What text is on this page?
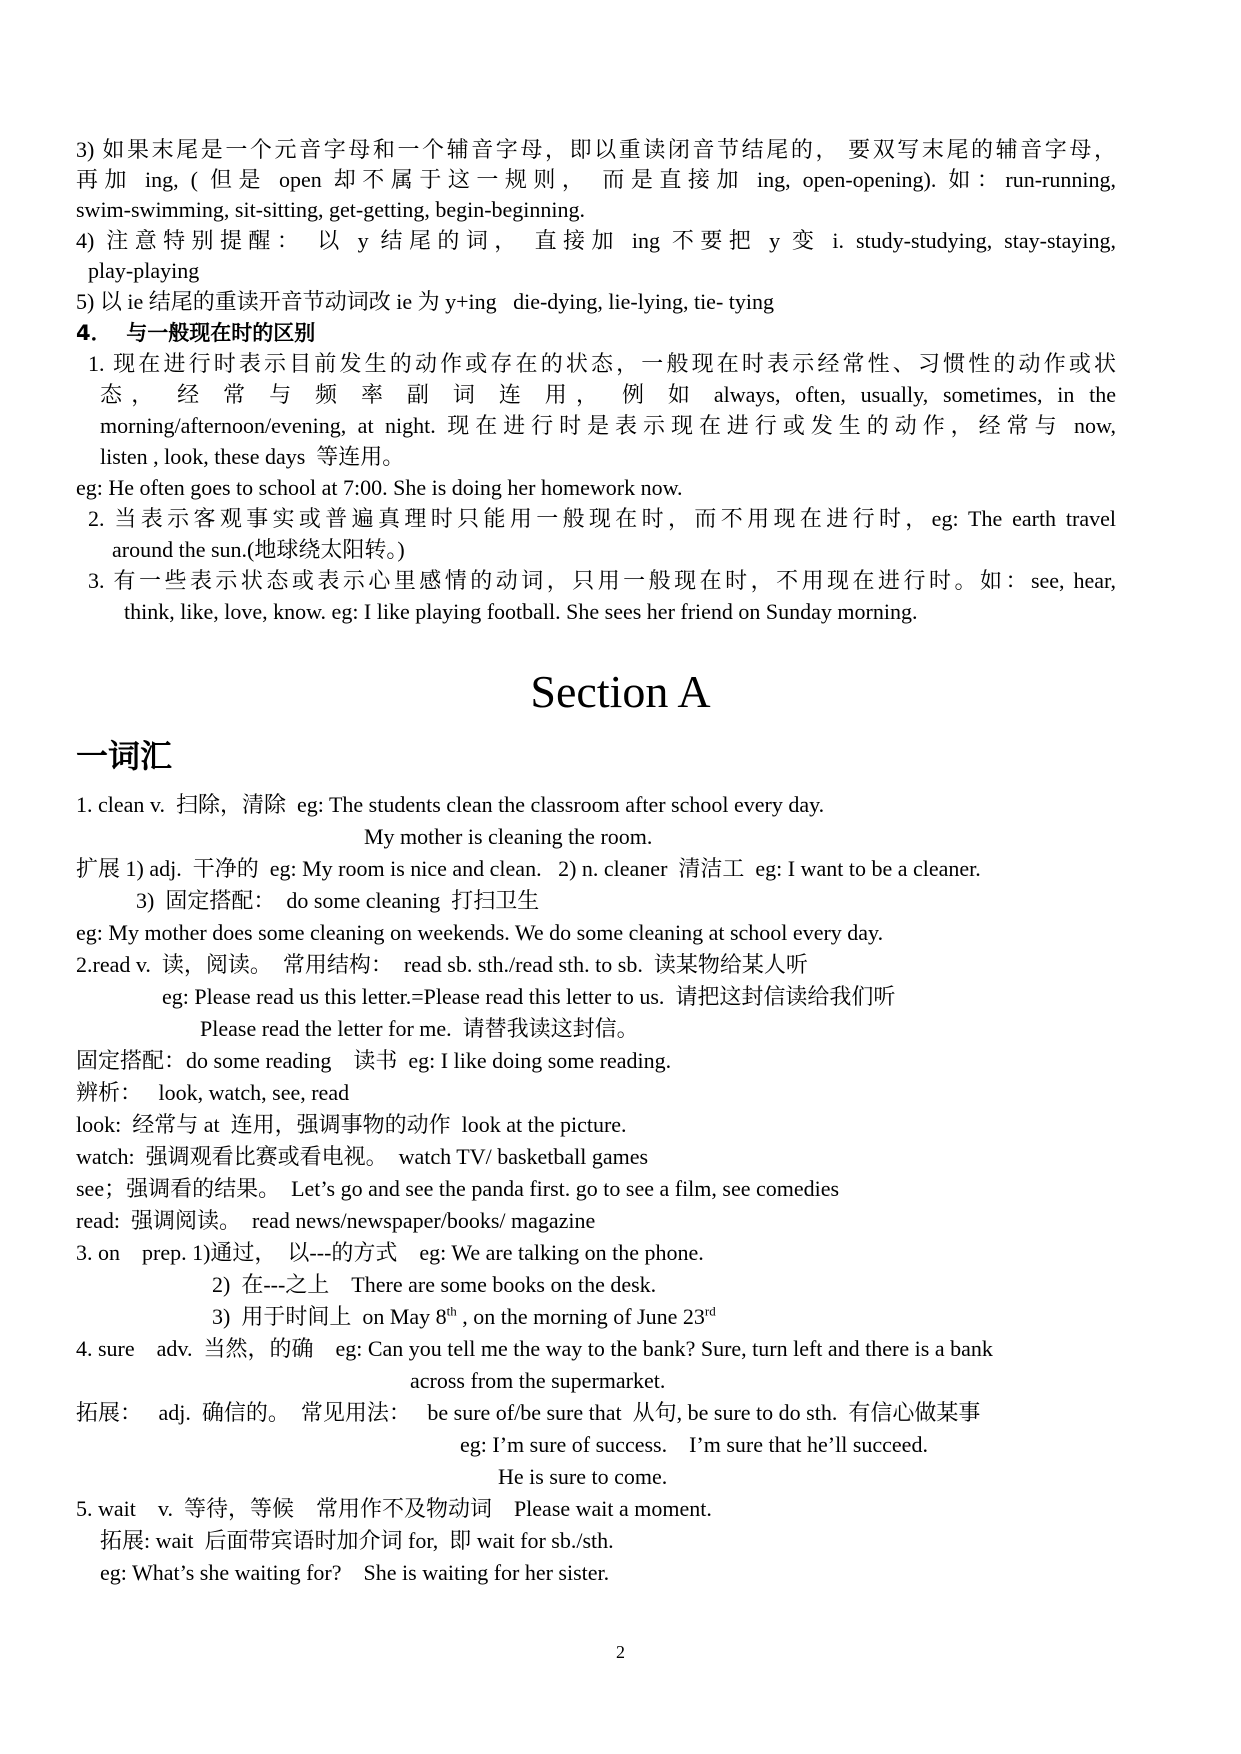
3) 如果末尾是一个元音字母和一个辅音字母，即以重读闭音节结尾的， 要双写末尾的辅音字母，
再加 ing, ( 但是 open 却不属于这一规则， 而是直接加 ing, open-opening). 如：run-running,
swim-swimming, sit-sitting, get-getting, begin-beginning.
4) 注意特别提醒： 以 y 结尾的词， 直接加 ing 不要把 y 变 i. study-studying, stay-staying,
play-playing
5) 以 ie 结尾的重读开音节动词改 ie 为 y+ing   die-dying, lie-lying, tie- tying
4．  与一般现在时的区别
1. 现在进行时表示目前发生的动作或存在的状态，一般现在时表示经常性、习惯性的动作或状
态， 经 常 与 频 率 副 词 连 用， 例 如 always, often, usually, sometimes, in the
morning/afternoon/evening, at night. 现在进行时是表示现在进行或发生的动作，经常与 now,
listen , look, these days  等连用。
eg: He often goes to school at 7:00. She is doing her homework now.
2. 当表示客观事实或普遍真理时只能用一般现在时，而不用现在进行时，eg: The earth travel
around the sun.(地球绕太阳转。)
3. 有一些表示状态或表示心里感情的动词，只用一般现在时，不用现在进行时。如：see, hear,
think, like, love, know. eg: I like playing football. She sees her friend on Sunday morning.
Section A
一词汇
1. clean v.  扫除，清除  eg: The students clean the classroom after school every day.
My mother is cleaning the room.
扩展 1) adj.  干净的  eg: My room is nice and clean.   2) n. cleaner  清洁工  eg: I want to be a cleaner.
3)  固定搭配：  do some cleaning  打扫卫生
eg: My mother does some cleaning on weekends. We do some cleaning at school every day.
2.read v.  读，阅读。  常用结构：  read sb. sth./read sth. to sb.  读某物给某人听
eg: Please read us this letter.=Please read this letter to us.  请把这封信读给我们听
Please read the letter for me.  请替我读这封信。
固定搭配：do some reading    读书  eg: I like doing some reading.
辨析：   look, watch, see, read
look:  经常与 at  连用，强调事物的动作  look at the picture.
watch:  强调观看比赛或看电视。  watch TV/ basketball games
see；强调看的结果。  Let’s go and see the panda first. go to see a film, see comedies
read:  强调阅读。  read news/newspaper/books/ magazine
3. on    prep. 1)通过，  以---的方式    eg: We are talking on the phone.
2)  在---之上    There are some books on the desk.
3)  用于时间上  on May 8th , on the morning of June 23rd
4. sure    adv.  当然，的确    eg: Can you tell me the way to the bank? Sure, turn left and there is a bank
across from the supermarket.
拓展：   adj.  确信的。  常见用法：   be sure of/be sure that  从句, be sure to do sth.  有信心做某事
eg: I’m sure of success.    I’m sure that he’ll succeed.
He is sure to come.
5. wait    v.  等待，等候    常用作不及物动词    Please wait a moment.
拓展: wait  后面带宾语时加介词 for,  即 wait for sb./sth.
eg: What’s she waiting for?    She is waiting for her sister.
2
